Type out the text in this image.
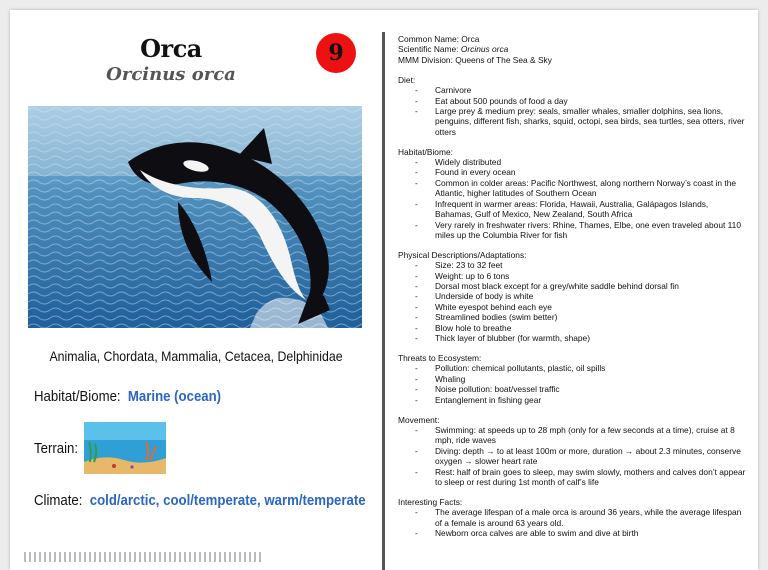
Orca
Orcinus orca
9
Animalia, Chordata, Mammalia, Cetacea, Delphinidae
Habitat/Biome: Marine (ocean)
Terrain:
Climate: cold/arctic, cool/temperate, warm/temperate

Common Name: Orca

Scientific Name: Orcinus orca

MMM Division: Queens of The Sea & Sky

Diet:

- Carnivore
- Eat about 500 pounds of food a day
- Large prey & medium prey: seals, smaller whales, smaller dolphins, sea lions, penguins, different fish, sharks, squid, octopi, sea birds, sea turtles, sea otters, river otters

Habitat/Biome:

- Widely distributed
- Found in every ocean
- Common in colder areas: Pacific Northwest, along northern Norway’s coast in the Atlantic, higher latitudes of Southern Ocean
- Infrequent in warmer areas: Florida, Hawaii, Australia, Galápagos Islands, Bahamas, Gulf of Mexico, New Zealand, South Africa
- Very rarely in freshwater rivers: Rhine, Thames, Elbe, one even traveled about 110 miles up the Columbia River for fish

Physical Descriptions/Adaptations:

- Size: 23 to 32 feet
- Weight: up to 6 tons
- Dorsal most black except for a grey/white saddle behind dorsal fin
- Underside of body is white
- White eyespot behind each eye
- Streamlined bodies (swim better)
- Blow hole to breathe
- Thick layer of blubber (for warmth, shape)

Threats to Ecosystem:

- Pollution: chemical pollutants, plastic, oil spills
- Whaling
- Noise pollution: boat/vessel traffic
- Entanglement in fishing gear

Movement:

- Swimming: at speeds up to 28 mph (only for a few seconds at a time), cruise at 8 mph, ride waves
- Diving: depth → to at least 100m or more, duration → about 2.3 minutes, conserve oxygen → slower heart rate
- Rest: half of brain goes to sleep, may swim slowly, mothers and calves don’t appear to sleep or rest during 1st month of calf’s life

Interesting Facts:

- The average lifespan of a male orca is around 36 years, while the average lifespan of a female is around 63 years old.
- Newborn orca calves are able to swim and dive at birth
